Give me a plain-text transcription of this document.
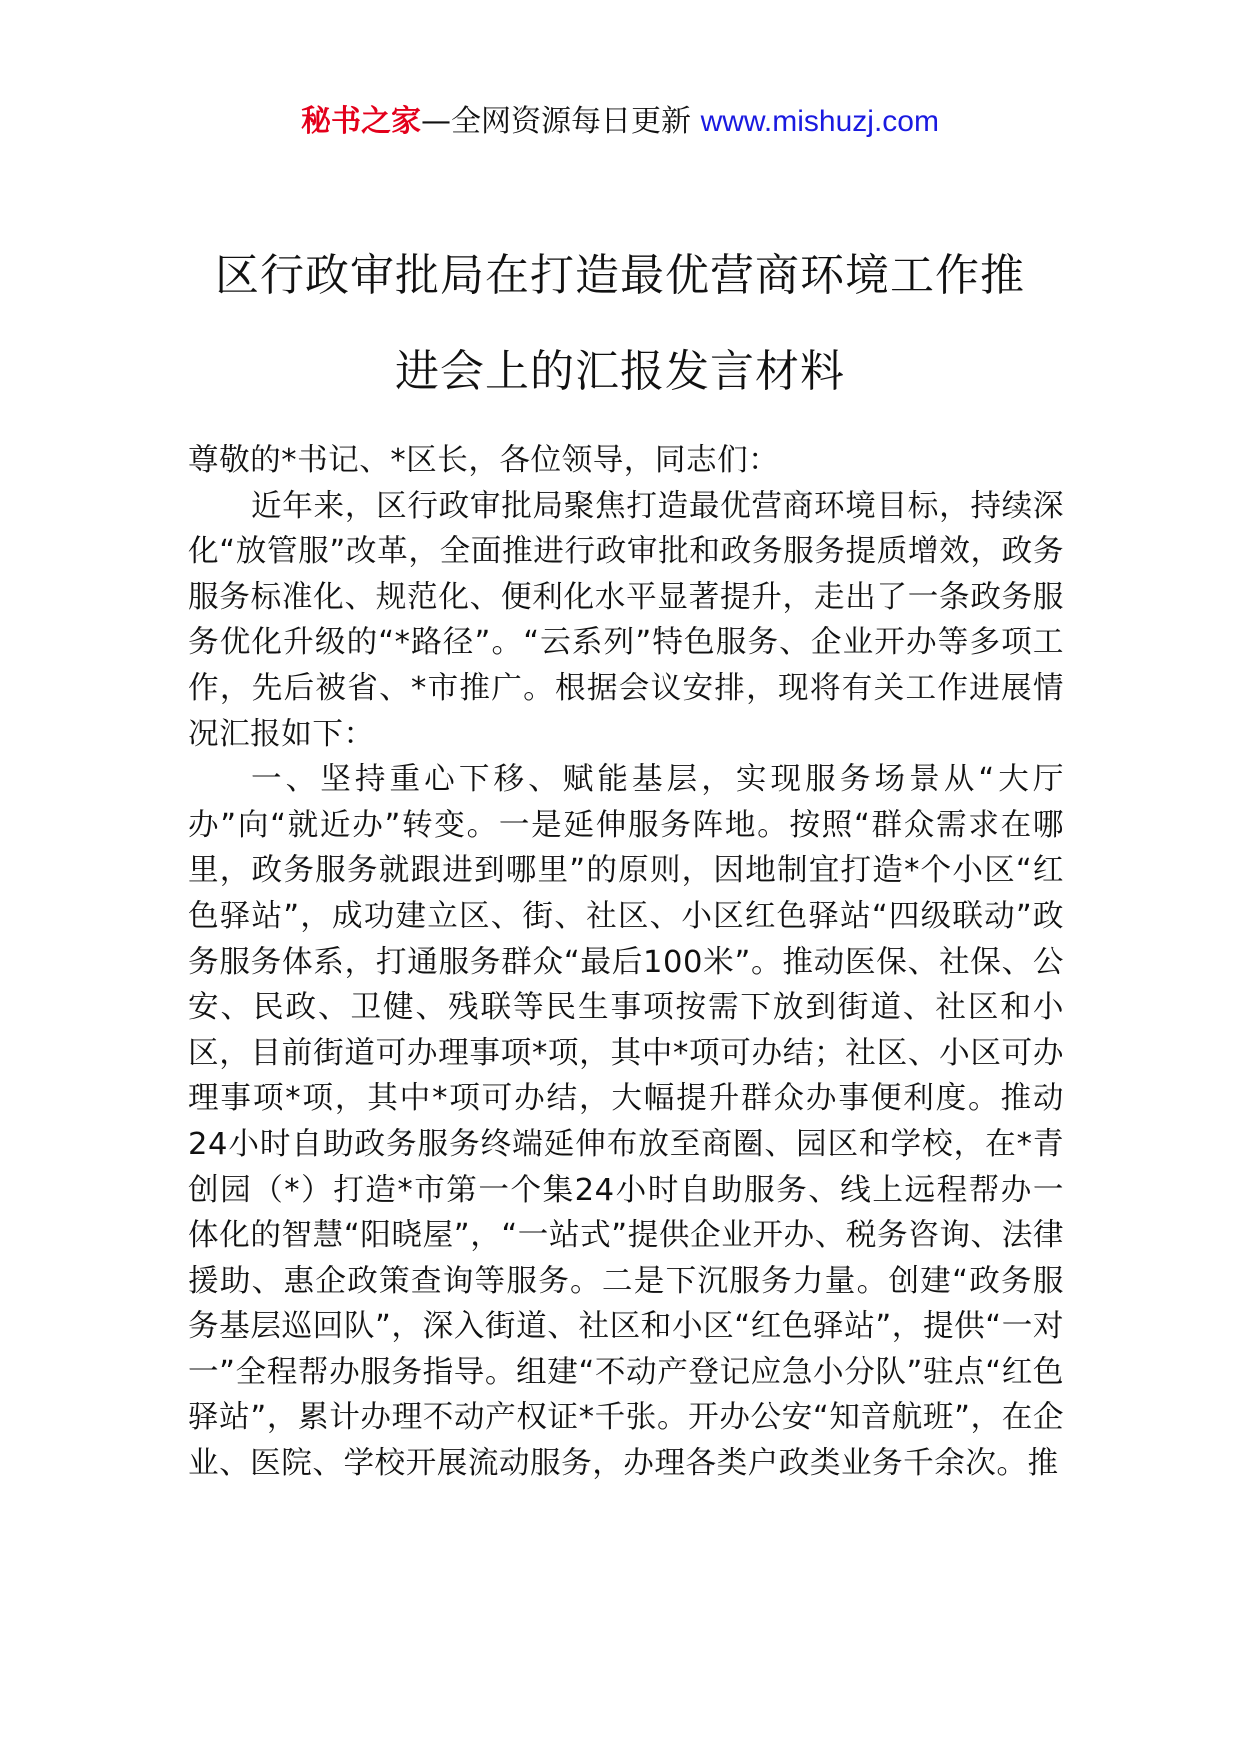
秘书之家—全网资源每日更新 www.mishuzj.com
区行政审批局在打造最优营商环境工作推
进会上的汇报发言材料

尊敬的*书记、*区长，各位领导，同志们：

近年来，区行政审批局聚焦打造最优营商环境目标，持续深化“放管服”改革，全面推进行政审批和政务服务提质增效，政务服务标准化、规范化、便利化水平显著提升，走出了一条政务服务优化升级的“*路径”。“云系列”特色服务、企业开办等多项工作，先后被省、*市推广。根据会议安排，现将有关工作进展情况汇报如下：

一、坚持重心下移、赋能基层，实现服务场景从“大厅办”向“就近办”转变。一是延伸服务阵地。按照“群众需求在哪里，政务服务就跟进到哪里”的原则，因地制宜打造*个小区“红色驿站”，成功建立区、街、社区、小区红色驿站“四级联动”政务服务体系，打通服务群众“最后100米”。推动医保、社保、公安、民政、卫健、残联等民生事项按需下放到街道、社区和小区，目前街道可办理事项*项，其中*项可办结；社区、小区可办理事项*项，其中*项可办结，大幅提升群众办事便利度。推动24小时自助政务服务终端延伸布放至商圈、园区和学校，在*青创园（*）打造*市第一个集24小时自助服务、线上远程帮办一体化的智慧“阳晓屋”，“一站式”提供企业开办、税务咨询、法律援助、惠企政策查询等服务。二是下沉服务力量。创建“政务服务基层巡回队”，深入街道、社区和小区“红色驿站”，提供“一对一”全程帮办服务指导。组建“不动产登记应急小分队”驻点“红色驿站”，累计办理不动产权证*千张。开办公安“知音航班”，在企业、医院、学校开展流动服务，办理各类户政类业务千余次。推
